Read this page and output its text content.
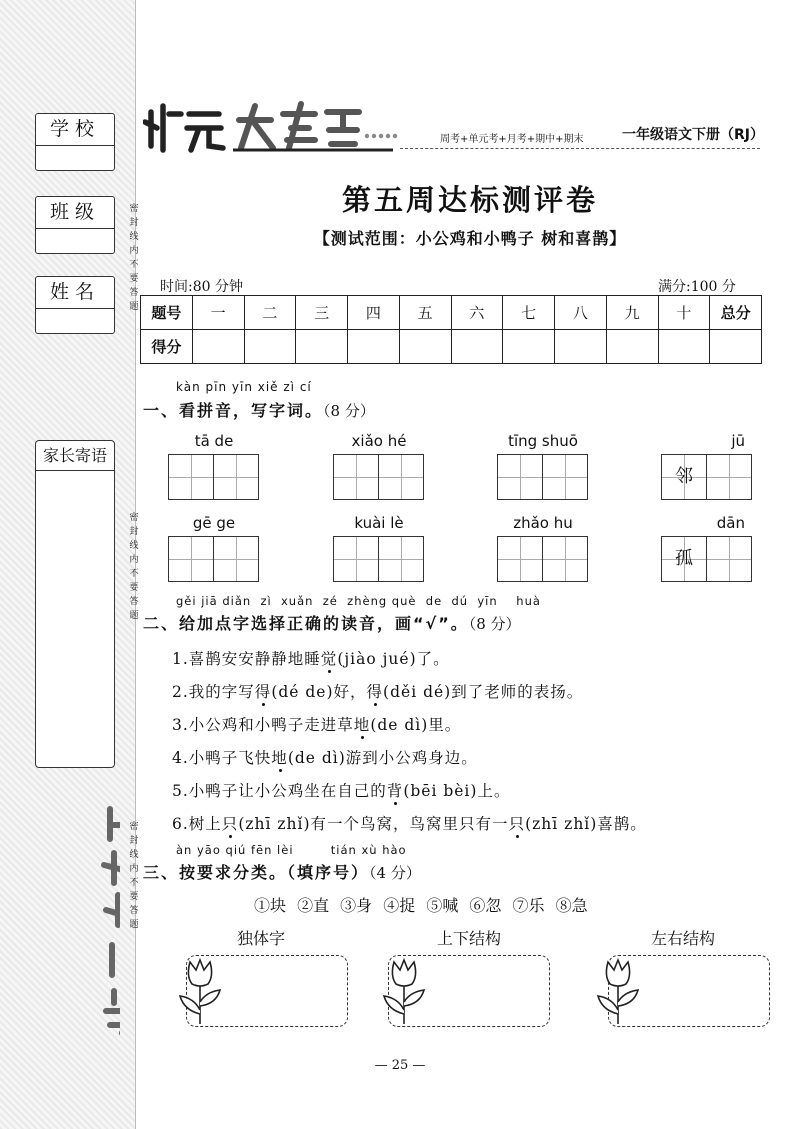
学校
班级
姓名
家长寄语
密
封
线
内
不
要
答
题
密
封
线
内
不
要
答
题
密
封
线
内
不
要
答
题
周考+单元考+月考+期中+期末	一年级语文下册（RJ）
第五周达标测评卷
【测试范围：小公鸡和小鸭子 树和喜鹊】
时间:80 分钟	满分:100 分
题号	一	二	三	四	五	六	七	八	九	十	总分
得分											
kàn pīn yīn xiě zì cí
一、看拼音，写字词。（8 分）
tā de	xiǎo hé	tīng shuō	jū
邻
gē ge	kuài lè	zhǎo hu	dān
孤
gěi jiā diǎn  zì  xuǎn  zé  zhèng què  de  dú  yīn    huà
二、给加点字选择正确的读音，画“√”。（8 分）
1.喜鹊安安静静地睡觉(jiào jué)了。
2.我的字写得(dé de)好，得(děi dé)到了老师的表扬。
3.小公鸡和小鸭子走进草地(de dì)里。
4.小鸭子飞快地(de dì)游到小公鸡身边。
5.小鸭子让小公鸡坐在自己的背(bēi bèi)上。
6.树上只(zhī zhǐ)有一个鸟窝，鸟窝里只有一只(zhī zhǐ)喜鹊。
àn yāo qiú fēn lèi        tián xù hào
三、按要求分类。（填序号）（4 分）
①块 ②直 ③身 ④捉 ⑤喊 ⑥忽 ⑦乐 ⑧急
独体字	上下结构	左右结构
— 25 —
